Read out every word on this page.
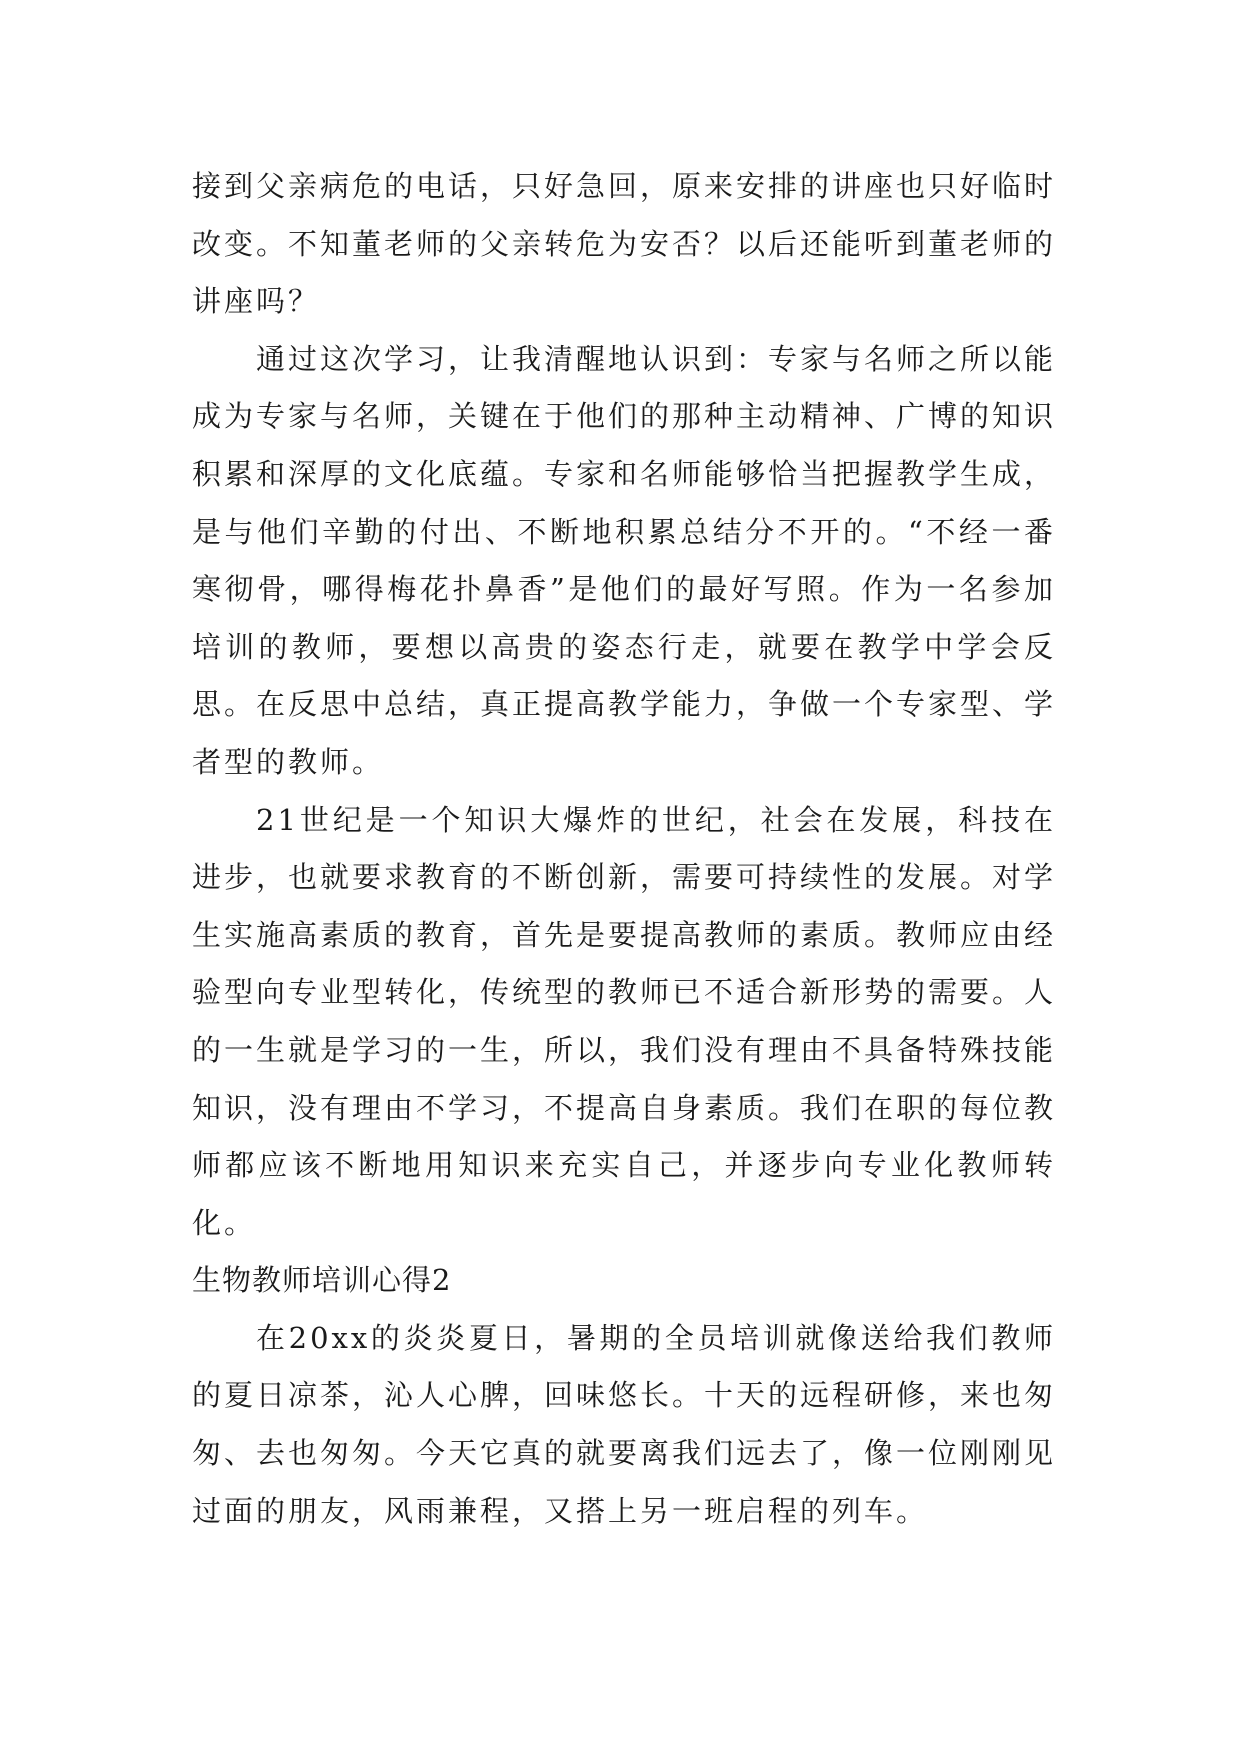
接到父亲病危的电话，只好急回，原来安排的讲座也只好临时改变。不知董老师的父亲转危为安否？以后还能听到董老师的讲座吗？

通过这次学习，让我清醒地认识到：专家与名师之所以能成为专家与名师，关键在于他们的那种主动精神、广博的知识积累和深厚的文化底蕴。专家和名师能够恰当把握教学生成，是与他们辛勤的付出、不断地积累总结分不开的。“不经一番寒彻骨，哪得梅花扑鼻香”是他们的最好写照。作为一名参加培训的教师，要想以高贵的姿态行走，就要在教学中学会反思。在反思中总结，真正提高教学能力，争做一个专家型、学者型的教师。

21世纪是一个知识大爆炸的世纪，社会在发展，科技在进步，也就要求教育的不断创新，需要可持续性的发展。对学生实施高素质的教育，首先是要提高教师的素质。教师应由经验型向专业型转化，传统型的教师已不适合新形势的需要。人的一生就是学习的一生，所以，我们没有理由不具备特殊技能知识，没有理由不学习，不提高自身素质。我们在职的每位教师都应该不断地用知识来充实自己，并逐步向专业化教师转化。

生物教师培训心得2

在20xx的炎炎夏日，暑期的全员培训就像送给我们教师的夏日凉茶，沁人心脾，回味悠长。十天的远程研修，来也匆匆、去也匆匆。今天它真的就要离我们远去了，像一位刚刚见过面的朋友，风雨兼程，又搭上另一班启程的列车。
